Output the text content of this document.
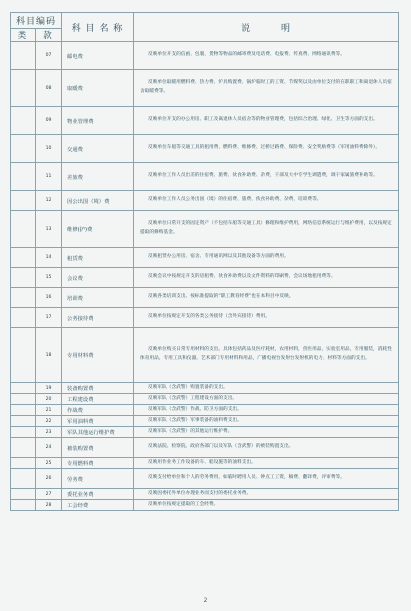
科目编码		科 目 名 称	说　　　明
类	款		
	07	邮电费	反映单位开支的信函、包裹、货物等物品的邮寄费及电话费、电报费、传真费、网络通讯费等。

	08	取暖费	反映单位取暖用燃料费、热力费、炉具购置费、锅炉临时工的工资、节煤奖以及由单位支付的在职职工和离退休人员宿舍取暖费等。

	09	物业管理费	反映单位开支的办公用房、职工及离退休人员宿舍等的物业管理费，包括综合治理、绿化、卫生等方面的支出。

	10	交通费	反映单位车船等交通工具的租用费、燃料费、维修费、过桥过路费、保险费、安全奖励费等（军用油料费除外）。

	11	差旅费	反映单位工作人员出差的住宿费、旅费、伙食补助费、杂费，干部及大中专学生调遣费，调干家属旅费补助等。

	12	因公出国（境）费	反映单位工作人员公务出国（境）的住宿费、旅费、伙食补助费、杂费、培训费等。

	13	维修(护)费	反映单位日常开支的固定资产（不包括车船等交通工具）修理和维护费用，网络信息系统运行与维护费用，以及按规定提取的修购基金。

	14	租赁费	反映租赁办公用房、宿舍、专用通讯网以及其他设备等方面的费用。

	15	会议费	反映会议中按规定开支的房租费、伙食补助费以及文件资料的印刷费、会议场地租用费等。

	16	培训费	反映各类培训支出。按标准提取的“职工教育经费”也在本科目中反映。

	17	公务接待费	反映单位按规定开支的各类公务接待（含外宾接待）费用。

	18	专用材料费	反映单位购买日常专用材料的支出。具体包括药品及医疗耗材，农用材料，兽医用品，实验室用品，专用服装，消耗性体育用品，专用工具和仪器，艺术部门专用材料和用品，广播电视台发射台发射机的电力、材料等方面的支出。

	19	装备购置费	反映军队（含武警）购置装备的支出。

	20	工程建设费	反映军队（含武警）工程建设方面的支出。

	21	作战费	反映军队（含武警）作战、防卫方面的支出。

	22	军用油料费	反映军队（含武警）军事装备的油料费支出。

	23	军队其他运行维护费	反映军队（含武警）的其他运行维护费。

	24	被装购置费	反映法院、检察院、政府各部门以及军队（含武警）的被装购置支出。

	25	专用燃料费	反映用作业务工作设备的车、船设施等的油料支出。

	26	劳务费	反映支付给单位和个人的劳务费用，如临时聘用人员、钟点工工资，稿费、翻译费，评审费等。

	27	委托业务费	反映因委托外单位办理业务而支付的委托业务费。

	28	工会经费	反映单位按规定提取的工会经费。
2
